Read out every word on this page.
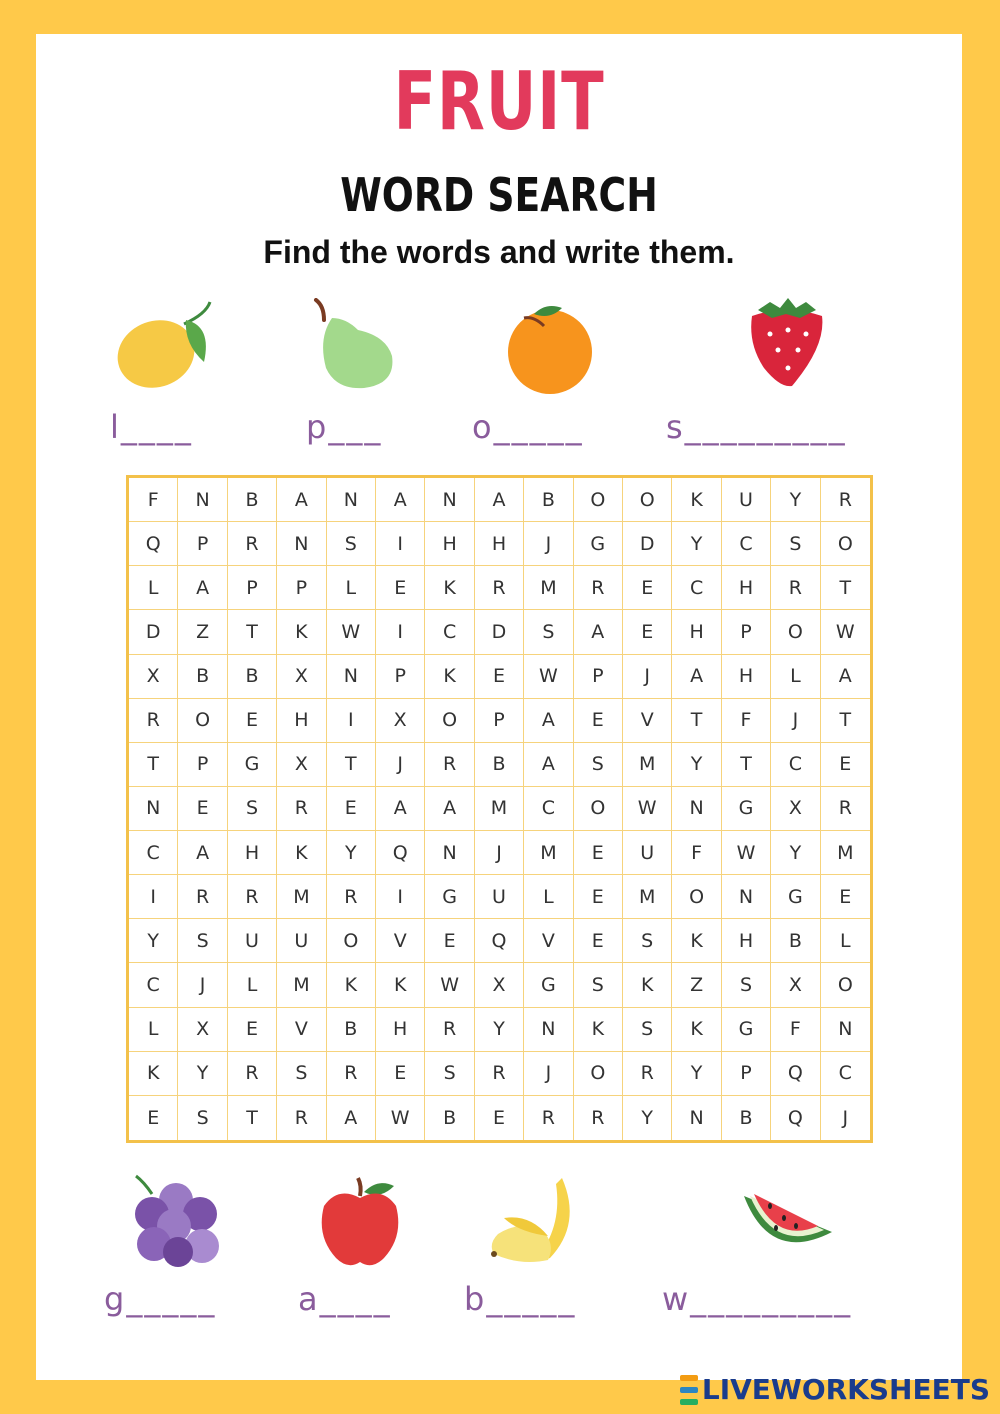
FRUIT
WORD SEARCH
Find the words and write them.
l____	p___	o_____	s_________
F	N	B	A	N	A	N	A	B	O	O	K	U	Y	R
Q	P	R	N	S	I	H	H	J	G	D	Y	C	S	O
L	A	P	P	L	E	K	R	M	R	E	C	H	R	T
D	Z	T	K	W	I	C	D	S	A	E	H	P	O	W
X	B	B	X	N	P	K	E	W	P	J	A	H	L	A
R	O	E	H	I	X	O	P	A	E	V	T	F	J	T
T	P	G	X	T	J	R	B	A	S	M	Y	T	C	E
N	E	S	R	E	A	A	M	C	O	W	N	G	X	R
C	A	H	K	Y	Q	N	J	M	E	U	F	W	Y	M
I	R	R	M	R	I	G	U	L	E	M	O	N	G	E
Y	S	U	U	O	V	E	Q	V	E	S	K	H	B	L
C	J	L	M	K	K	W	X	G	S	K	Z	S	X	O
L	X	E	V	B	H	R	Y	N	K	S	K	G	F	N
K	Y	R	S	R	E	S	R	J	O	R	Y	P	Q	C
E	S	T	R	A	W	B	E	R	R	Y	N	B	Q	J
g_____	a____ b_____	w_________
LIVEWORKSHEETS
